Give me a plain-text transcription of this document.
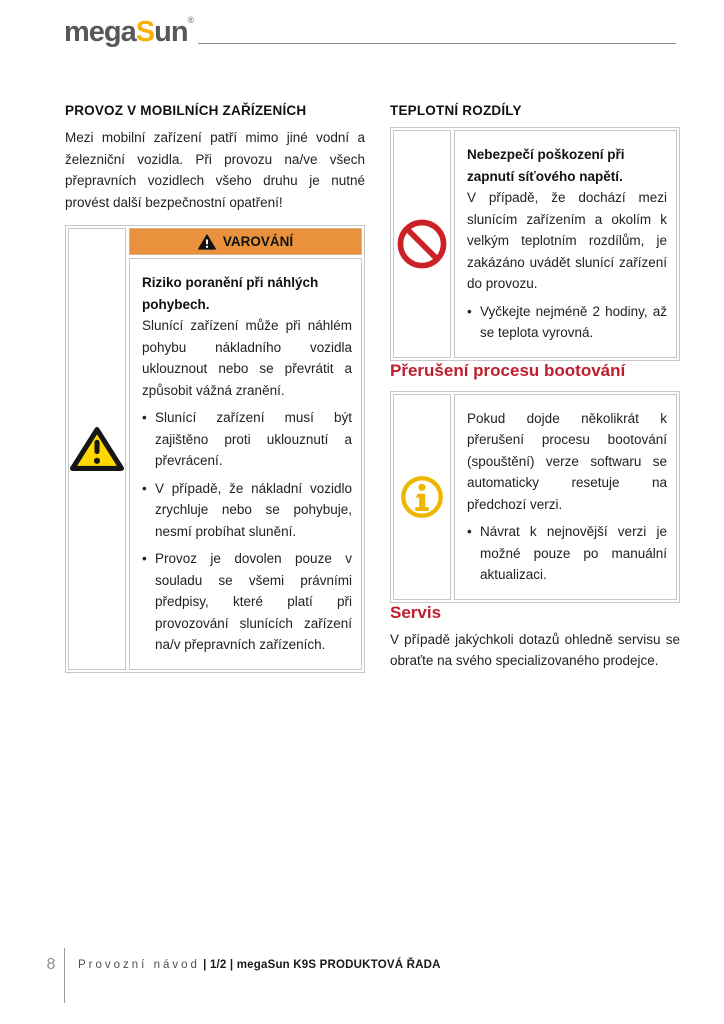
megaSun®
PROVOZ V MOBILNÍCH ZAŘÍZENÍCH

Mezi mobilní zařízení patří mimo jiné vodní a železniční vozidla. Při provozu na/ve všech přepravních vozidlech všeho druhu je nutné provést další bezpečnostní opatření!

VAROVÁNÍ
Riziko poranění při náhlých pohybech.

Slunící zařízení může při náhlém pohybu nákladního vozidla uklouznout nebo se převrátit a způsobit vážná zranění.

• Slunící zařízení musí být zajištěno proti uklouznutí a převrácení.
• V případě, že nákladní vozidlo zrychluje nebo se pohybuje, nesmí probíhat slunění.
• Provoz je dovolen pouze v souladu se všemi právními předpisy, které platí při provozování slunících zařízení na/v přepravních zařízeních.
TEPLOTNÍ ROZDÍLY
Nebezpečí poškození při zapnutí síťového napětí.

V případě, že dochází mezi slunícím zařízením a okolím k velkým teplotním rozdílům, je zakázáno uvádět slunící zařízení do provozu.

• Vyčkejte nejméně 2 hodiny, až se teplota vyrovná.
Přerušení procesu bootování

Pokud dojde několikrát k přerušení procesu bootování (spouštění) verze softwaru se automaticky resetuje na předchozí verzi.

• Návrat k nejnovější verzi je možné pouze po manuální aktualizaci.
Servis

V případě jakýchkoli dotazů ohledně servisu se obraťte na svého specializovaného prodejce.

8	Provozní návod | 1/2 | megaSun K9S PRODUKTOVÁ ŘADA
